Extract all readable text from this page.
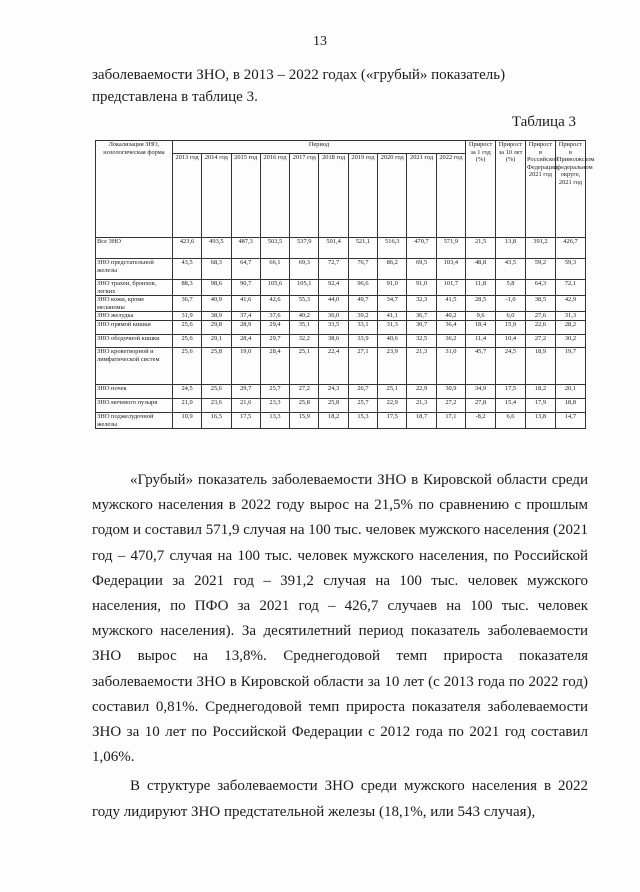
13
заболеваемости ЗНО, в 2013 – 2022 годах («грубый» показатель) представлена в таблице 3.
Таблица 3
Локализация ЗНО, нозологическая форма	Период										Прирост за 1 год (%)	Прирост за 10 лет (%)	Прирост в Российской Федерации, 2021 год	Прирост в Приволжском федеральном округе, 2021 год
	2013 год	2014 год	2015 год	2016 год	2017 год	2018 год	2019 год	2020 год	2021 год	2022 год				
Все ЗНО	423,6	493,5	487,3	503,5	537,9	501,4	521,1	516,3	470,7	571,9	21,5	13,8	391,2	426,7
ЗНО предстательной железы	43,5	68,3	64,7	66,1	69,3	72,7	76,7	86,2	69,5	103,4	48,8	43,5	59,2	59,3
ЗНО трахеи, бронхов, легких	88,3	98,6	90,7	105,6	105,1	92,4	96,6	91,0	91,0	101,7	11,8	5,8	64,3	72,1
ЗНО кожи, кроме меланомы	36,7	40,9	41,6	42,6	55,3	44,0	49,7	34,7	32,3	41,5	28,5	-1,0	38,5	42,9
ЗНО желудка	31,9	38,9	37,4	37,6	40,2	36,0	39,2	41,1	36,7	40,2	9,6	6,0	27,6	31,3
ЗНО прямой кишки	25,6	29,8	28,9	29,4	35,1	33,5	33,1	31,3	30,7	36,4	18,4	15,9	22,6	28,2
ЗНО ободочной кишки	25,6	29,1	28,4	29,7	32,2	38,6	33,9	40,6	32,5	36,2	11,4	10,4	27,2	30,2
ЗНО кроветворной и лимфатической систем	25,6	25,8	19,0	28,4	25,1	22,4	27,1	23,9	21,3	31,0	45,7	24,5	18,9	19,7
ЗНО почек	24,5	25,6	29,7	25,7	27,2	24,3	26,7	25,1	22,9	30,9	34,9	17,5	18,2	20,1
ЗНО мочевого пузыря	21,0	23,6	21,6	23,3	25,8	25,8	25,7	22,9	21,3	27,2	27,8	15,4	17,9	18,8
ЗНО поджелудочной железы	10,9	16,5	17,5	13,3	15,9	18,2	15,3	17,5	18,7	17,1	-8,2	6,6	13,8	14,7

«Грубый» показатель заболеваемости ЗНО в Кировской области среди мужского населения в 2022 году вырос на 21,5% по сравнению с прошлым годом и составил 571,9 случая на 100 тыс. человек мужского населения (2021 год – 470,7 случая на 100 тыс. человек мужского населения, по Российской Федерации за 2021 год – 391,2 случая на 100 тыс. человек мужского населения, по ПФО за 2021 год – 426,7 случаев на 100 тыс. человек мужского населения). За десятилетний период показатель заболеваемости ЗНО вырос на 13,8%. Среднегодовой темп прироста показателя заболеваемости ЗНО в Кировской области за 10 лет (с 2013 года по 2022 год) составил 0,81%. Среднегодовой темп прироста показателя заболеваемости ЗНО за 10 лет по Российской Федерации с 2012 года по 2021 год составил 1,06%.

В структуре заболеваемости ЗНО среди мужского населения в 2022 году лидируют ЗНО предстательной железы (18,1%, или 543 случая),
